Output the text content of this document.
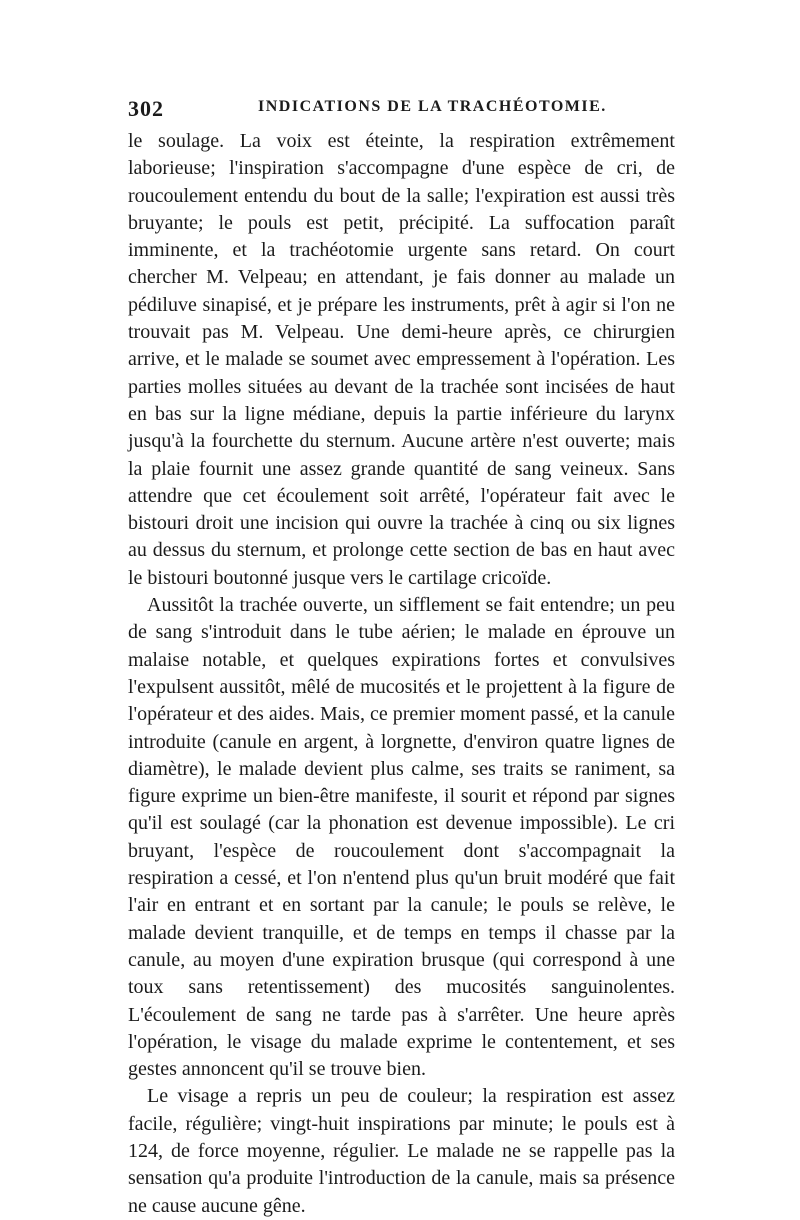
302	INDICATIONS DE LA TRACHÉOTOMIE.

le soulage. La voix est éteinte, la respiration extrêmement laborieuse; l'inspiration s'accompagne d'une espèce de cri, de roucoulement entendu du bout de la salle; l'expiration est aussi très bruyante; le pouls est petit, précipité. La suffocation paraît imminente, et la trachéotomie urgente sans retard. On court chercher M. Velpeau; en attendant, je fais donner au malade un pédiluve sinapisé, et je prépare les instruments, prêt à agir si l'on ne trouvait pas M. Velpeau. Une demi-heure après, ce chirurgien arrive, et le malade se soumet avec empressement à l'opération. Les parties molles situées au devant de la trachée sont incisées de haut en bas sur la ligne médiane, depuis la partie inférieure du larynx jusqu'à la fourchette du sternum. Aucune artère n'est ouverte; mais la plaie fournit une assez grande quantité de sang veineux. Sans attendre que cet écoulement soit arrêté, l'opérateur fait avec le bistouri droit une incision qui ouvre la trachée à cinq ou six lignes au dessus du sternum, et prolonge cette section de bas en haut avec le bistouri boutonné jusque vers le cartilage cricoïde.

Aussitôt la trachée ouverte, un sifflement se fait entendre; un peu de sang s'introduit dans le tube aérien; le malade en éprouve un malaise notable, et quelques expirations fortes et convulsives l'expulsent aussitôt, mêlé de mucosités et le projettent à la figure de l'opérateur et des aides. Mais, ce premier moment passé, et la canule introduite (canule en argent, à lorgnette, d'environ quatre lignes de diamètre), le malade devient plus calme, ses traits se raniment, sa figure exprime un bien-être manifeste, il sourit et répond par signes qu'il est soulagé (car la phonation est devenue impossible). Le cri bruyant, l'espèce de roucoulement dont s'accompagnait la respiration a cessé, et l'on n'entend plus qu'un bruit modéré que fait l'air en entrant et en sortant par la canule; le pouls se relève, le malade devient tranquille, et de temps en temps il chasse par la canule, au moyen d'une expiration brusque (qui correspond à une toux sans retentissement) des mucosités sanguinolentes. L'écoulement de sang ne tarde pas à s'arrêter. Une heure après l'opération, le visage du malade exprime le contentement, et ses gestes annoncent qu'il se trouve bien.

Le visage a repris un peu de couleur; la respiration est assez facile, régulière; vingt-huit inspirations par minute; le pouls est à 124, de force moyenne, régulier. Le malade ne se rappelle pas la sensation qu'a produite l'introduction de la canule, mais sa présence ne cause aucune gêne.
